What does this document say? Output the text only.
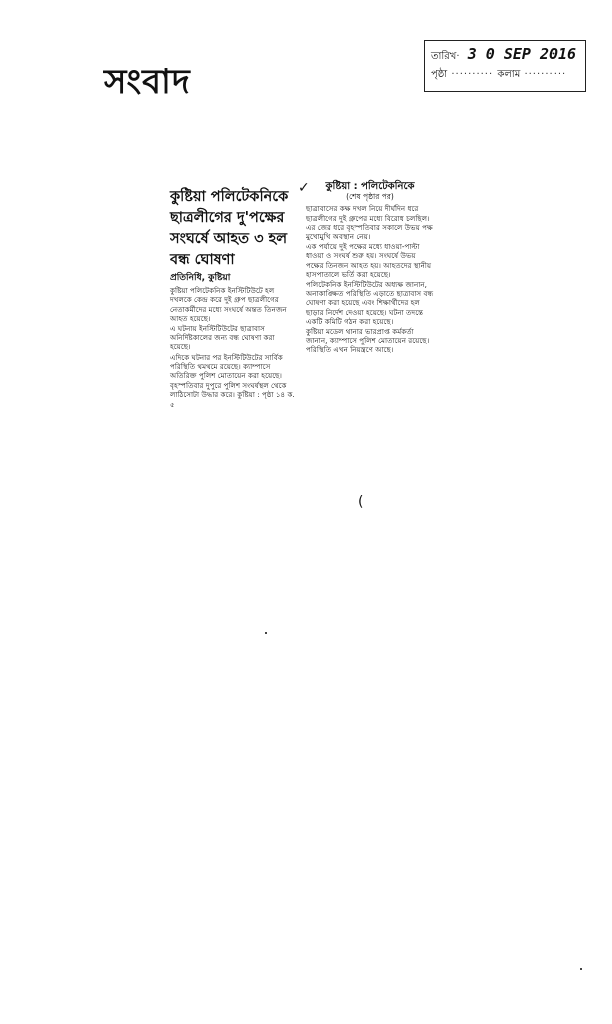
সংবাদ
তারিখ· 3 0 SEP 2016
পৃষ্ঠা ·········· কলাম ··········
কুষ্টিয়া পলিটেকনিকে ছাত্রলীগের দু'পক্ষের সংঘর্ষে আহত ৩ হল বন্ধ ঘোষণা
প্রতিনিধি, কুষ্টিয়া

কুষ্টিয়া পলিটেকনিক ইনস্টিটিউটে হল দখলকে কেন্দ্র করে দুই গ্রুপ ছাত্রলীগের নেতাকর্মীদের মধ্যে সংঘর্ষে অন্তত তিনজন আহত হয়েছে।

এ ঘটনায় ইনস্টিটিউটের ছাত্রাবাস অনির্দিষ্টকালের জন্য বন্ধ ঘোষণা করা হয়েছে।

এদিকে ঘটনার পর ইনস্টিটিউটের সার্বিক পরিস্থিতি থমথমে রয়েছে। ক্যাম্পাসে অতিরিক্ত পুলিশ মোতায়েন করা হয়েছে।

বৃহস্পতিবার দুপুরে পুলিশ সংঘর্ষস্থল থেকে লাঠিসোটা উদ্ধার করে। কুষ্টিয়া : পৃষ্ঠা ১৪ ক. ৫

✓	কুষ্টিয়া : পলিটেকনিকে
(শেষ পৃষ্ঠার পর)

ছাত্রাবাসের কক্ষ দখল নিয়ে দীর্ঘদিন ধরে ছাত্রলীগের দুই গ্রুপের মধ্যে বিরোধ চলছিল। এর জের ধরে বৃহস্পতিবার সকালে উভয় পক্ষ মুখোমুখি অবস্থান নেয়।

এক পর্যায়ে দুই পক্ষের মধ্যে ধাওয়া-পাল্টা ধাওয়া ও সংঘর্ষ শুরু হয়। সংঘর্ষে উভয় পক্ষের তিনজন আহত হয়। আহতদের স্থানীয় হাসপাতালে ভর্তি করা হয়েছে।

পলিটেকনিক ইনস্টিটিউটের অধ্যক্ষ জানান, অনাকাঙ্ক্ষিত পরিস্থিতি এড়াতে ছাত্রাবাস বন্ধ ঘোষণা করা হয়েছে এবং শিক্ষার্থীদের হল ছাড়ার নির্দেশ দেওয়া হয়েছে। ঘটনা তদন্তে একটি কমিটি গঠন করা হয়েছে।

কুষ্টিয়া মডেল থানার ভারপ্রাপ্ত কর্মকর্তা জানান, ক্যাম্পাসে পুলিশ মোতায়েন রয়েছে। পরিস্থিতি এখন নিয়ন্ত্রণে আছে।

(
